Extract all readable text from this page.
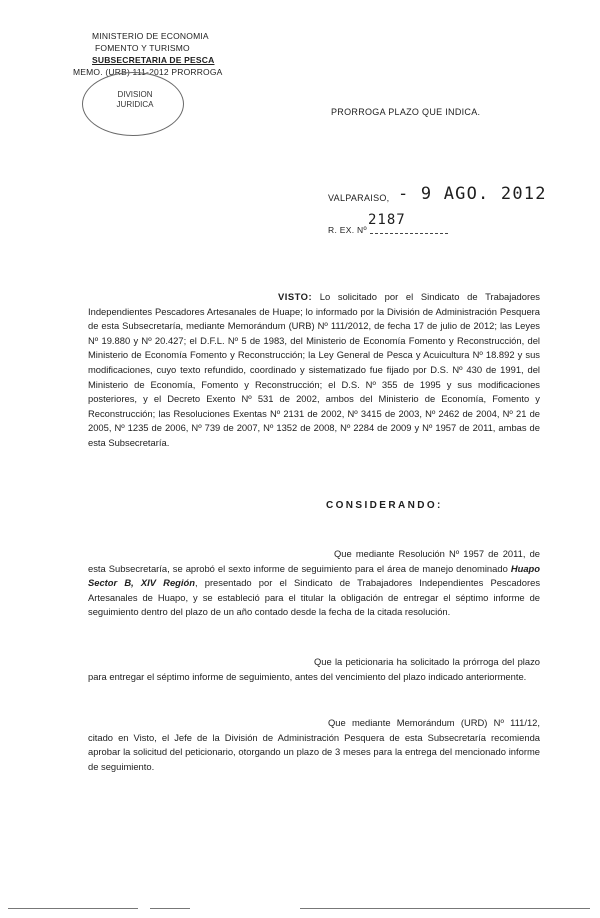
MINISTERIO DE ECONOMIA
FOMENTO Y TURISMO
SUBSECRETARIA DE PESCA
MEMO. (URB) 111-2012 PRORROGA
DIVISION
JURIDICA
PRORROGA PLAZO QUE INDICA.
VALPARAISO, - 9 AGO. 2012
2187
R. EX. Nº
VISTO: Lo solicitado por el Sindicato de Trabajadores Independientes Pescadores Artesanales de Huape; lo informado por la División de Administración Pesquera de esta Subsecretaría, mediante Memorándum (URB) Nº 111/2012, de fecha 17 de julio de 2012; las Leyes Nº 19.880 y Nº 20.427; el D.F.L. Nº 5 de 1983, del Ministerio de Economía Fomento y Reconstrucción, del Ministerio de Economía Fomento y Reconstrucción; la Ley General de Pesca y Acuicultura Nº 18.892 y sus modificaciones, cuyo texto refundido, coordinado y sistematizado fue fijado por D.S. Nº 430 de 1991, del Ministerio de Economía, Fomento y Reconstrucción; el D.S. Nº 355 de 1995 y sus modificaciones posteriores, y el Decreto Exento Nº 531 de 2002, ambos del Ministerio de Economía, Fomento y Reconstrucción; las Resoluciones Exentas Nº 2131 de 2002, Nº 3415 de 2003, Nº 2462 de 2004, Nº 21 de 2005, Nº 1235 de 2006, Nº 739 de 2007, Nº 1352 de 2008, Nº 2284 de 2009 y Nº 1957 de 2011, ambas de esta Subsecretaría.
CONSIDERANDO:
Que mediante Resolución Nº 1957 de 2011, de esta Subsecretaría, se aprobó el sexto informe de seguimiento para el área de manejo denominado Huapo Sector B, XIV Región, presentado por el Sindicato de Trabajadores Independientes Pescadores Artesanales de Huapo, y se estableció para el titular la obligación de entregar el séptimo informe de seguimiento dentro del plazo de un año contado desde la fecha de la citada resolución.
Que la peticionaria ha solicitado la prórroga del plazo para entregar el séptimo informe de seguimiento, antes del vencimiento del plazo indicado anteriormente.
Que mediante Memorándum (URD) Nº 111/12, citado en Visto, el Jefe de la División de Administración Pesquera de esta Subsecretaría recomienda aprobar la solicitud del peticionario, otorgando un plazo de 3 meses para la entrega del mencionado informe de seguimiento.
